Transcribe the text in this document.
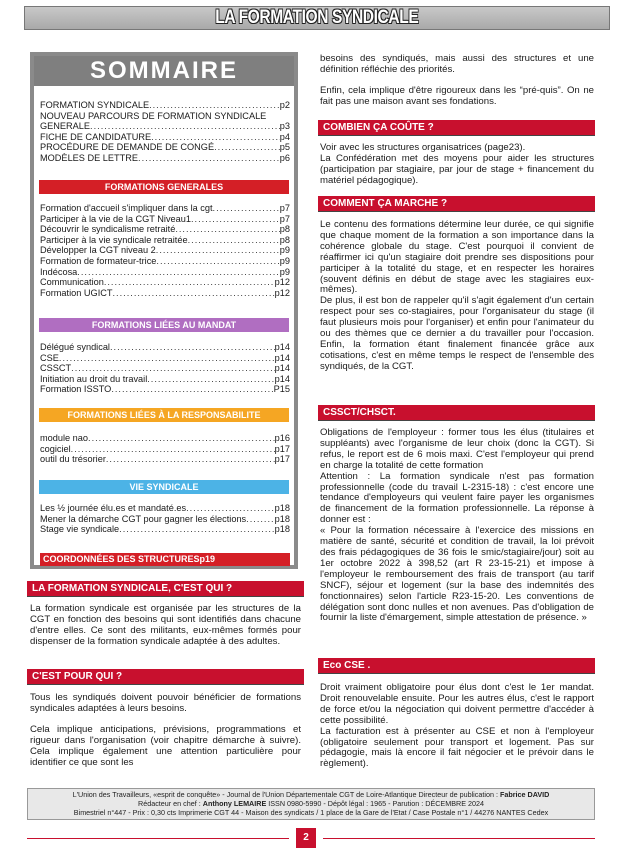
LA FORMATION SYNDICALE
SOMMAIRE
FORMATION SYNDICALE .....	p2
NOUVEAU PARCOURS DE FORMATION SYNDICALE
GENERALE .....	p3
FICHE DE CANDIDATURE .....	p4
PROCÉDURE DE DEMANDE DE CONGÉ .....	p5
MODÈLES DE LETTRE .....	p6
FORMATIONS GENERALES
Formation d'accueil s'impliquer dans la cgt .....	p7
Participer à la vie de la CGT Niveau1 .....	p7
Découvrir le syndicalisme retraité .....	p8
Participer à la vie syndicale retraitée .....	p8
Développer la CGT niveau 2 .....	p9
Formation de formateur-trice .....	p9
Indécosa .....	p9
Communication .....	p12
Formation UGICT .....	p12
FORMATIONS LIÉES AU MANDAT
Délégué syndical .....	p14
CSE .....	p14
CSSCT .....	p14
Initiation au droit du travail .....	p14
Formation ISSTO .....	P15
FORMATIONS LIÉES À LA RESPONSABILITE
module nao .....	p16
cogiciel .....	p17
outil du trésorier .....	p17
VIE SYNDICALE
Les ½ journée élu.es et mandaté.es .....	p18
Mener la démarche CGT pour gagner les élections .....	p18
Stage vie syndicale .....	p18
COORDONNÉES DES STRUCTURES p19
LA FORMATION SYNDICALE, C'EST QUI ?

La formation syndicale est organisée par les structures de la CGT en fonction des besoins qui sont identifiés dans chacune d'entre elles. Ce sont des militants, eux-mêmes formés pour dispenser de la formation syndicale adaptée à des adultes.

C'EST POUR QUI ?

Tous les syndiqués doivent pouvoir bénéficier de formations syndicales adaptées à leurs besoins.

Cela implique anticipations, prévisions, programmations et rigueur dans l'organisation (voir chapitre démarche à suivre). Cela implique également une attention particulière pour identifier ce que sont les

besoins des syndiqués, mais aussi des structures et une définition réfléchie des priorités.

Enfin, cela implique d'être rigoureux dans les “pré-quis”. On ne fait pas une maison avant ses fondations.

COMBIEN ÇA COÛTE ?

Voir avec les structures organisatrices (page23).

La Confédération met des moyens pour aider les structures (participation par stagiaire, par jour de stage + financement du matériel pédagogique).

COMMENT ÇA MARCHE ?

Le contenu des formations détermine leur durée, ce qui signifie que chaque moment de la formation a son importance dans la cohérence globale du stage. C'est pourquoi il convient de réaffirmer ici qu'un stagiaire doit prendre ses dispositions pour participer à la totalité du stage, et en respecter les horaires (souvent définis en début de stage avec les stagiaires eux-mêmes).

De plus, il est bon de rappeler qu'il s'agit également d'un certain respect pour ses co-stagiaires, pour l'organisateur du stage (il faut plusieurs mois pour l'organiser) et enfin pour l'animateur du ou des thèmes que ce dernier a du travailler pour l'occasion. Enfin, la formation étant finalement financée grâce aux cotisations, c'est en même temps le respect de l'ensemble des syndiqués, de la CGT.

CSSCT/CHSCT.

Obligations de l'employeur : former tous les élus (titulaires et suppléants) avec l'organisme de leur choix (donc la CGT). Si refus, le report est de 6 mois maxi. C'est l'employeur qui prend en charge la totalité de cette formation

Attention : La formation syndicale n'est pas formation professionnelle (code du travail L-2315-18) : c'est encore une tendance d'employeurs qui veulent faire payer les organismes de financement de la formation professionnelle. La réponse à donner est :

« Pour la formation nécessaire à l'exercice des missions en matière de santé, sécurité et condition de travail, la loi prévoit des frais pédagogiques de 36 fois le smic/stagiaire/jour) soit au 1er octobre 2022 à 398,52 (art R 23-15-21) et impose à l'employeur le remboursement des frais de transport (au tarif SNCF), séjour et logement (sur la base des indemnités des fonctionnaires) selon l'article R23-15-20. Les conventions de délégation sont donc nulles et non avenues. Pas d'obligation de fournir la liste d'émargement, simple attestation de présence. »

Eco CSE .

Droit vraiment obligatoire pour élus dont c'est le 1er mandat. Droit renouvelable ensuite. Pour les autres élus, c'est le rapport de force et/ou la négociation qui doivent permettre d'accéder à cette possibilité.

La facturation est à présenter au CSE et non à l'employeur (obligatoire seulement pour transport et logement. Pas sur pédagogie, mais là encore il fait négocier et le prévoir dans le règlement).

L'Union des Travailleurs, «esprit de conquête» - Journal de l'Union Départementale CGT de Loire-Atlantique Directeur de publication : Fabrice DAVID
Rédacteur en chef : Anthony LEMAIRE ISSN 0980-5990 - Dépôt légal : 1965 - Parution : DÉCEMBRE 2024
Bimestriel n°447 - Prix : 0,30 cts Imprimerie CGT 44 - Maison des syndicats / 1 place de la Gare de l'Etat / Case Postale n°1 / 44276 NANTES Cedex
2
